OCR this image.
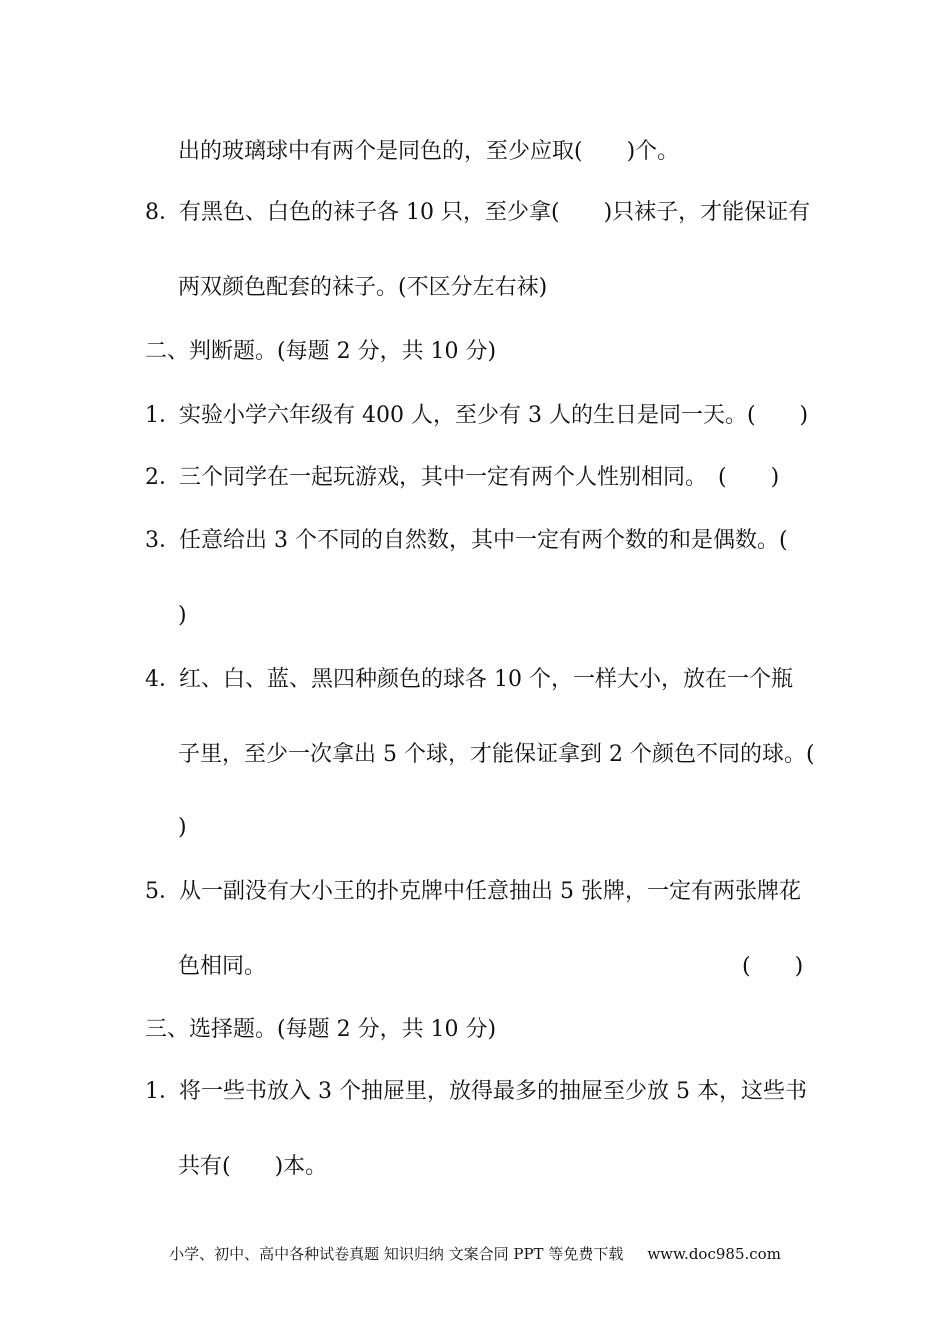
出的玻璃球中有两个是同色的，至少应取(　　)个。
8．有黑色、白色的袜子各 10 只，至少拿(　　)只袜子，才能保证有
两双颜色配套的袜子。(不区分左右袜)
二、判断题。(每题 2 分，共 10 分)
1．实验小学六年级有 400 人，至少有 3 人的生日是同一天。(　　)
2．三个同学在一起玩游戏，其中一定有两个人性别相同。　(　　)
3．任意给出 3 个不同的自然数，其中一定有两个数的和是偶数。(
)
4．红、白、蓝、黑四种颜色的球各 10 个，一样大小，放在一个瓶
子里，至少一次拿出 5 个球，才能保证拿到 2 个颜色不同的球。(
)
5．从一副没有大小王的扑克牌中任意抽出 5 张牌，一定有两张牌花
色相同。	(　　)
三、选择题。(每题 2 分，共 10 分)
1．将一些书放入 3 个抽屉里，放得最多的抽屉至少放 5 本，这些书
共有(　　)本。
小学、初中、高中各种试卷真题 知识归纳 文案合同 PPT 等免费下载 www.doc985.com
